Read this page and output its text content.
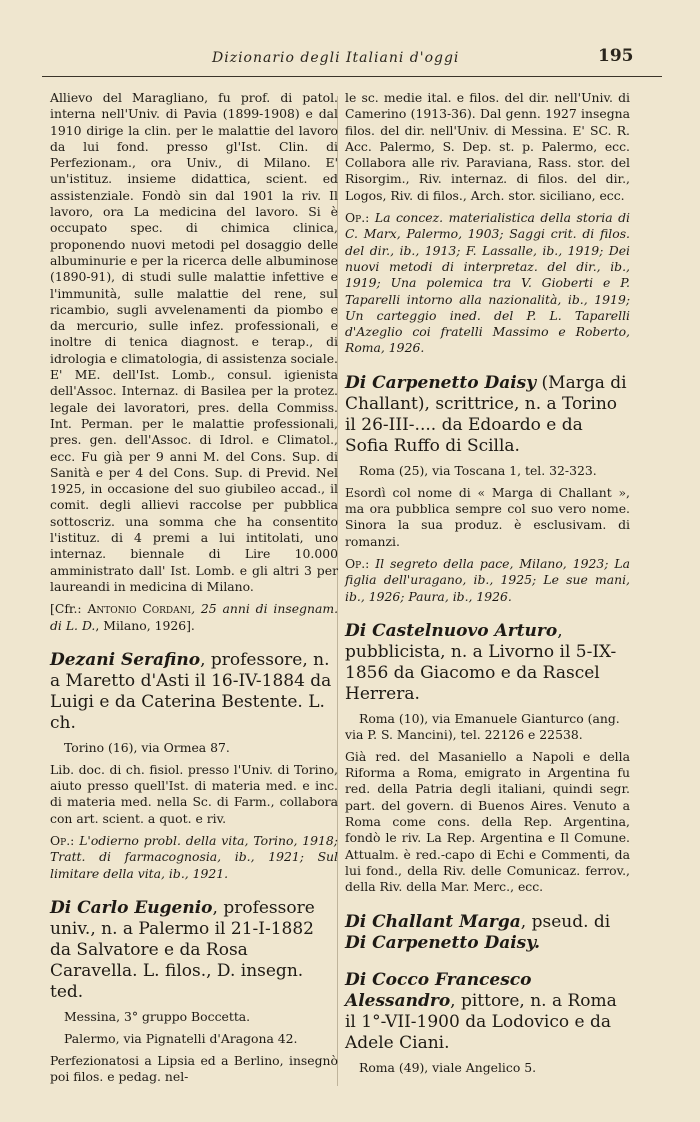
Dizionario degli Italiani d'oggi	195

Allievo del Maragliano, fu prof. di patol. interna nell'Univ. di Pavia (1899-1908) e dal 1910 dirige la clin. per le malattie del lavoro da lui fond. presso gl'Ist. Clin. di Perfezionam., ora Univ., di Milano. E' un'istituz. insieme didattica, scient. ed assistenziale. Fondò sin dal 1901 la riv. Il lavoro, ora La medicina del lavoro. Si è occupato spec. di chimica clinica, proponendo nuovi metodi pel dosaggio delle albuminurie e per la ricerca delle albuminose (1890-91), di studi sulle malattie infettive e l'immunità, sulle malattie del rene, sul ricambio, sugli avvelenamenti da piombo e da mercurio, sulle infez. professionali, e inoltre di tenica diagnost. e terap., di idrologia e climatologia, di assistenza sociale. E' ME. dell'Ist. Lomb., consul. igienista dell'Assoc. Internaz. di Basilea per la protez. legale dei lavoratori, pres. della Commiss. Int. Perman. per le malattie professionali, pres. gen. dell'Assoc. di Idrol. e Climatol., ecc. Fu già per 9 anni M. del Cons. Sup. di Sanità e per 4 del Cons. Sup. di Previd. Nel 1925, in occasione del suo giubileo accad., il comit. degli allievi raccolse per pubblica sottoscriz. una somma che ha consentito l'istituz. di 4 premi a lui intitolati, uno internaz. biennale di Lire 10.000 amministrato dall' Ist. Lomb. e gli altri 3 per laureandi in medicina di Milano.

[Cfr.: Antonio Cordani, 25 anni di insegnam. di L. D., Milano, 1926].

Dezani Serafino, professore, n. a Maretto d'Asti il 16-IV-1884 da Luigi e da Caterina Bestente. L. ch.

Torino (16), via Ormea 87.

Lib. doc. di ch. fisiol. presso l'Univ. di Torino, aiuto presso quell'Ist. di materia med. e inc. di materia med. nella Sc. di Farm., collabora con art. scient. a quot. e riv.

Op.: L'odierno probl. della vita, Torino, 1918; Tratt. di farmacognosia, ib., 1921; Sul limitare della vita, ib., 1921.

Di Carlo Eugenio, professore univ., n. a Palermo il 21-I-1882 da Salvatore e da Rosa Caravella. L. filos., D. insegn. ted.

Messina, 3° gruppo Boccetta.

Palermo, via Pignatelli d'Aragona 42.

Perfezionatosi a Lipsia ed a Berlino, insegnò poi filos. e pedag. nel-

le sc. medie ital. e filos. del dir. nell'Univ. di Camerino (1913-36). Dal genn. 1927 insegna filos. del dir. nell'Univ. di Messina. E' SC. R. Acc. Palermo, S. Dep. st. p. Palermo, ecc. Collabora alle riv. Paraviana, Rass. stor. del Risorgim., Riv. internaz. di filos. del dir., Logos, Riv. di filos., Arch. stor. siciliano, ecc.

Op.: La concez. materialistica della storia di C. Marx, Palermo, 1903; Saggi crit. di filos. del dir., ib., 1913; F. Lassalle, ib., 1919; Dei nuovi metodi di interpretaz. del dir., ib., 1919; Una polemica tra V. Gioberti e P. Taparelli intorno alla nazionalità, ib., 1919; Un carteggio ined. del P. L. Taparelli d'Azeglio coi fratelli Massimo e Roberto, Roma, 1926.

Di Carpenetto Daisy (Marga di Challant), scrittrice, n. a Torino il 26-III-.... da Edoardo e da Sofia Ruffo di Scilla.

Roma (25), via Toscana 1, tel. 32-323.

Esordì col nome di « Marga di Challant », ma ora pubblica sempre col suo vero nome. Sinora la sua produz. è esclusivam. di romanzi.

Op.: Il segreto della pace, Milano, 1923; La figlia dell'uragano, ib., 1925; Le sue mani, ib., 1926; Paura, ib., 1926.

Di Castelnuovo Arturo, pubblicista, n. a Livorno il 5-IX-1856 da Giacomo e da Rascel Herrera.

Roma (10), via Emanuele Gianturco (ang. via P. S. Mancini), tel. 22126 e 22538.

Già red. del Masaniello a Napoli e della Riforma a Roma, emigrato in Argentina fu red. della Patria degli italiani, quindi segr. part. del govern. di Buenos Aires. Venuto a Roma come cons. della Rep. Argentina, fondò le riv. La Rep. Argentina e Il Comune. Attualm. è red.-capo di Echi e Commenti, da lui fond., della Riv. delle Comunicaz. ferrov., della Riv. della Mar. Merc., ecc.

Di Challant Marga, pseud. di Di Carpenetto Daisy.

Di Cocco Francesco Alessandro, pittore, n. a Roma il 1°-VII-1900 da Lodovico e da Adele Ciani.

Roma (49), viale Angelico 5.
